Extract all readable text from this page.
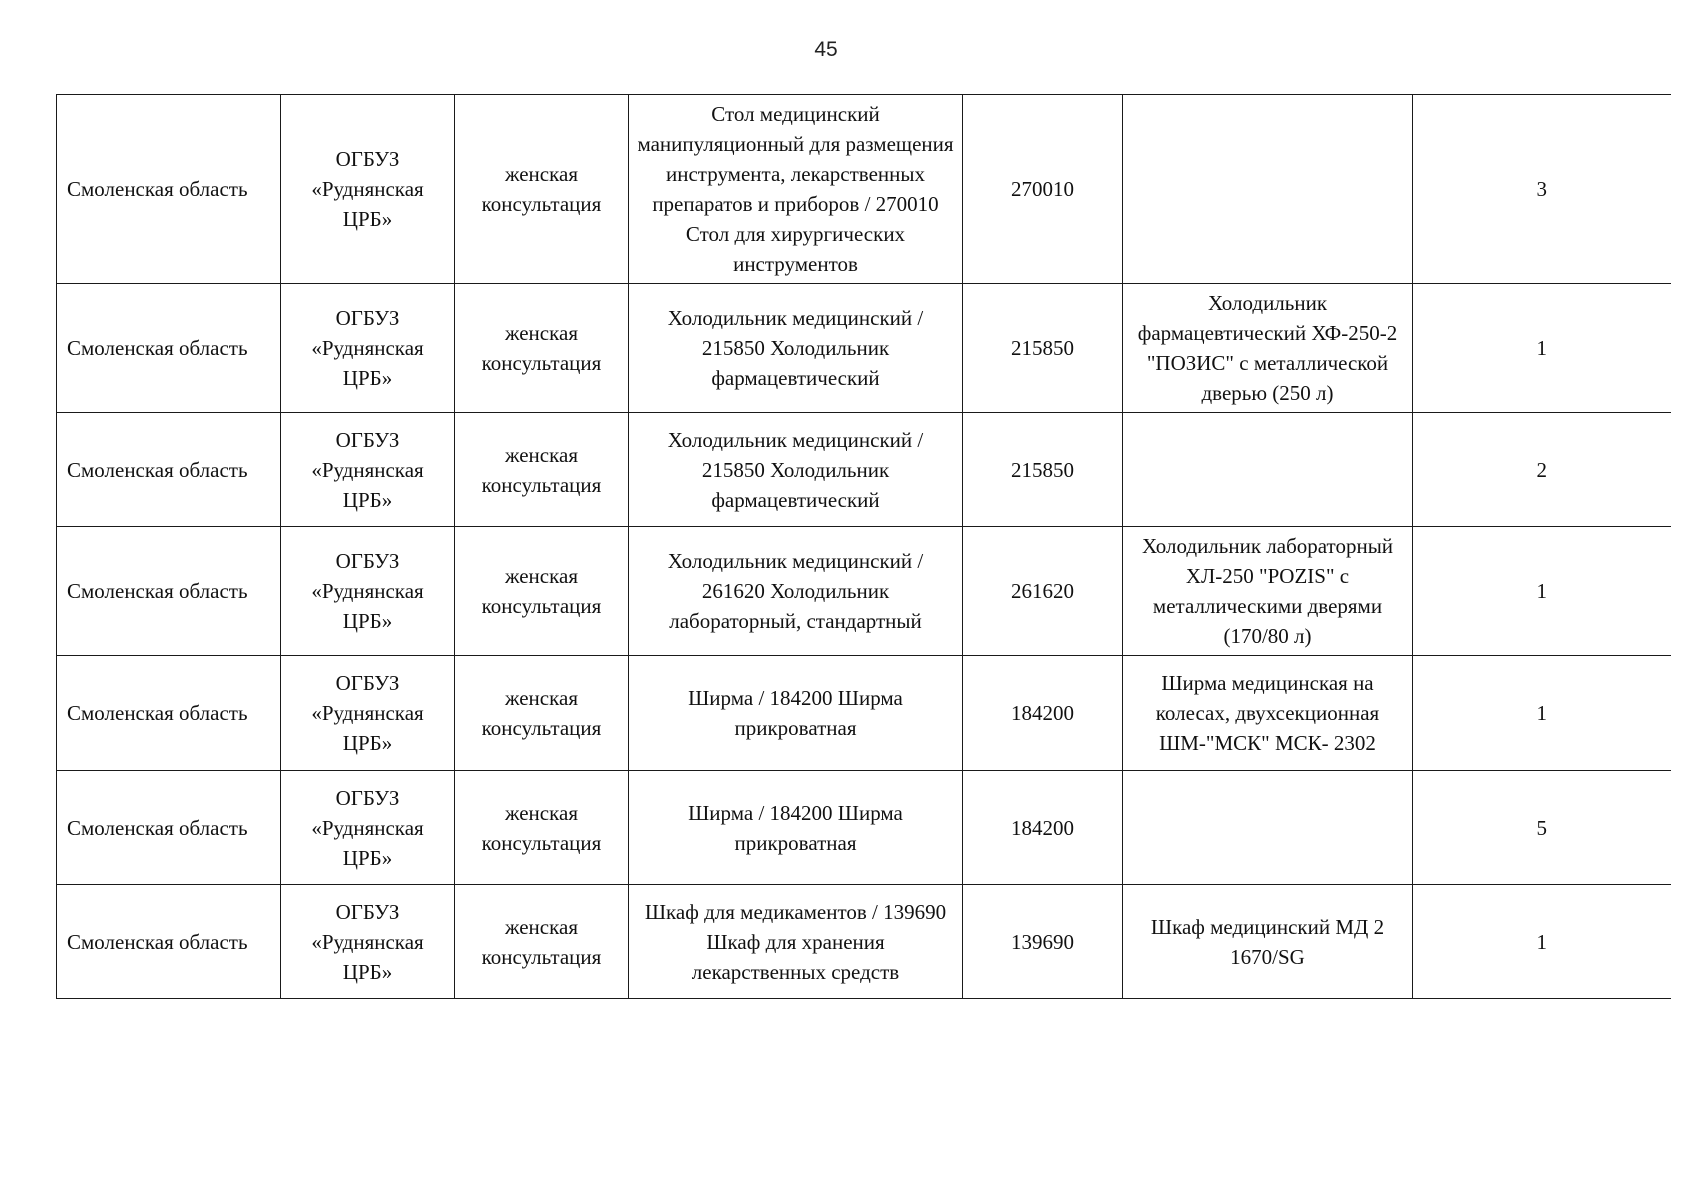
45
Смоленская область	ОГБУЗ «Руднянская ЦРБ»	женская консультация	Стол медицинский манипуляционный для размещения инструмента, лекарственных препаратов и приборов / 270010 Стол для хирургических инструментов	270010		3
Смоленская область	ОГБУЗ «Руднянская ЦРБ»	женская консультация	Холодильник медицинский / 215850 Холодильник фармацевтический	215850	Холодильник фармацевтический ХФ-250-2 "ПОЗИС" с металлической дверью (250 л)	1
Смоленская область	ОГБУЗ «Руднянская ЦРБ»	женская консультация	Холодильник медицинский / 215850 Холодильник фармацевтический	215850		2
Смоленская область	ОГБУЗ «Руднянская ЦРБ»	женская консультация	Холодильник медицинский / 261620 Холодильник лабораторный, стандартный	261620	Холодильник лабораторный ХЛ-250 "POZIS" с металлическими дверями (170/80 л)	1
Смоленская область	ОГБУЗ «Руднянская ЦРБ»	женская консультация	Ширма / 184200 Ширма прикроватная	184200	Ширма медицинская на колесах, двухсекционная ШМ-"МСК" МСК- 2302	1
Смоленская область	ОГБУЗ «Руднянская ЦРБ»	женская консультация	Ширма / 184200 Ширма прикроватная	184200		5
Смоленская область	ОГБУЗ «Руднянская ЦРБ»	женская консультация	Шкаф для медикаментов / 139690 Шкаф для хранения лекарственных средств	139690	Шкаф медицинский МД 2 1670/SG	1
